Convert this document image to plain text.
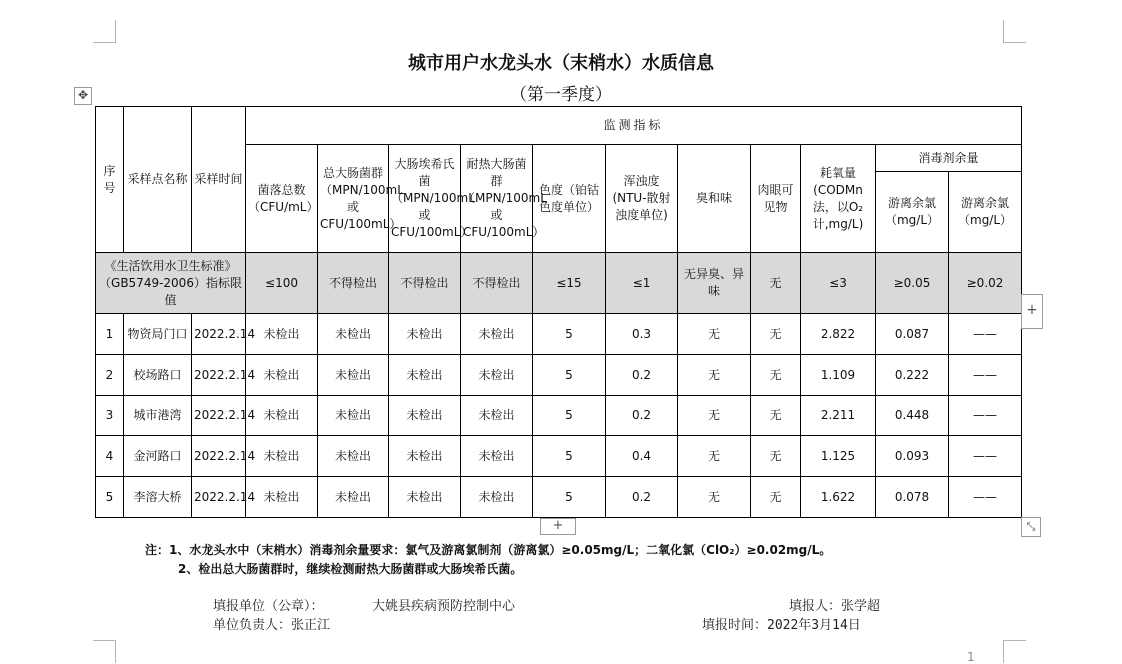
城市用户水龙头水（末梢水）水质信息
（第一季度）
✥
序号	采样点名称	采样时间	监测指标										
			菌落总数（CFU/mL）	总大肠菌群（MPN/100mL或CFU/100mL）	大肠埃希氏菌（MPN/100mL或CFU/100mL）	耐热大肠菌群（MPN/100mL或CFU/100mL）	色度（铂钴色度单位）	浑浊度(NTU-散射浊度单位)	臭和味	肉眼可见物	耗氧量(CODMn法，以O₂计,mg/L)	消毒剂余量	
												游离余氯（mg/L）	游离余氯（mg/L）
《生活饮用水卫生标准》（GB5749-2006）指标限值			≤100	不得检出	不得检出	不得检出	≤15	≤1	无异臭、异味	无	≤3	≥0.05	≥0.02
1	物资局门口	2022.2.14	未检出	未检出	未检出	未检出	5	0.3	无	无	2.822	0.087	——
2	校场路口	2022.2.14	未检出	未检出	未检出	未检出	5	0.2	无	无	1.109	0.222	——
3	城市港湾	2022.2.14	未检出	未检出	未检出	未检出	5	0.2	无	无	2.211	0.448	——
4	金河路口	2022.2.14	未检出	未检出	未检出	未检出	5	0.4	无	无	1.125	0.093	——
5	李溶大桥	2022.2.14	未检出	未检出	未检出	未检出	5	0.2	无	无	1.622	0.078	——
+
+	⤡
注：1、水龙头水中（末梢水）消毒剂余量要求：氯气及游离氯制剂（游离氯）≥0.05mg/L；二氧化氯（ClO₂）≥0.02mg/L。
2、检出总大肠菌群时，继续检测耐热大肠菌群或大肠埃希氏菌。
填报单位（公章）：	大姚县疾病预防控制中心
单位负责人：张正江
填报人：张学超
填报时间：2022年3月14日
1
